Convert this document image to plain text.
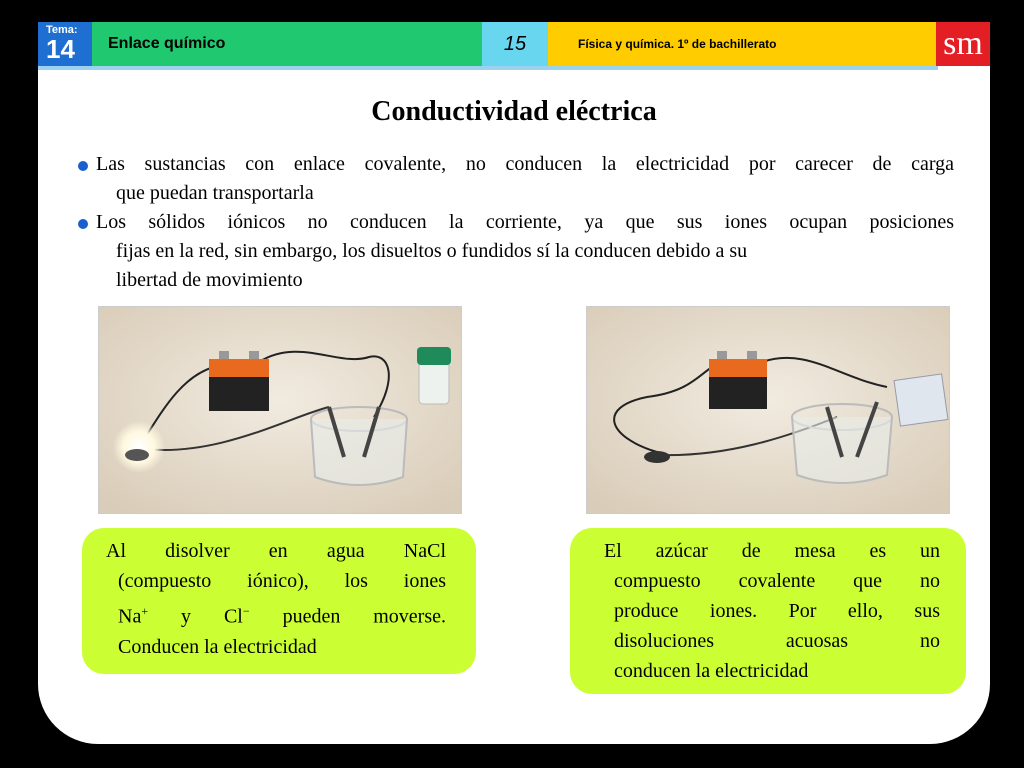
Tema:
14	Enlace químico	15	Física y química. 1º de bachillerato	sm
Conductividad eléctrica
Las sustancias con enlace covalente, no conducen la electricidad por carecer de carga
que puedan transportarla
Los sólidos iónicos no conducen la corriente, ya que sus iones ocupan posiciones
fijas en la red, sin embargo, los disueltos o fundidos sí la conducen debido a su
libertad de movimiento
Al disolver en agua NaCl
(compuesto iónico), los iones
Na+ y Cl− pueden moverse.
Conducen la electricidad
El azúcar de mesa es un
compuesto covalente que no
produce iones. Por ello, sus
disoluciones acuosas no
conducen la electricidad
